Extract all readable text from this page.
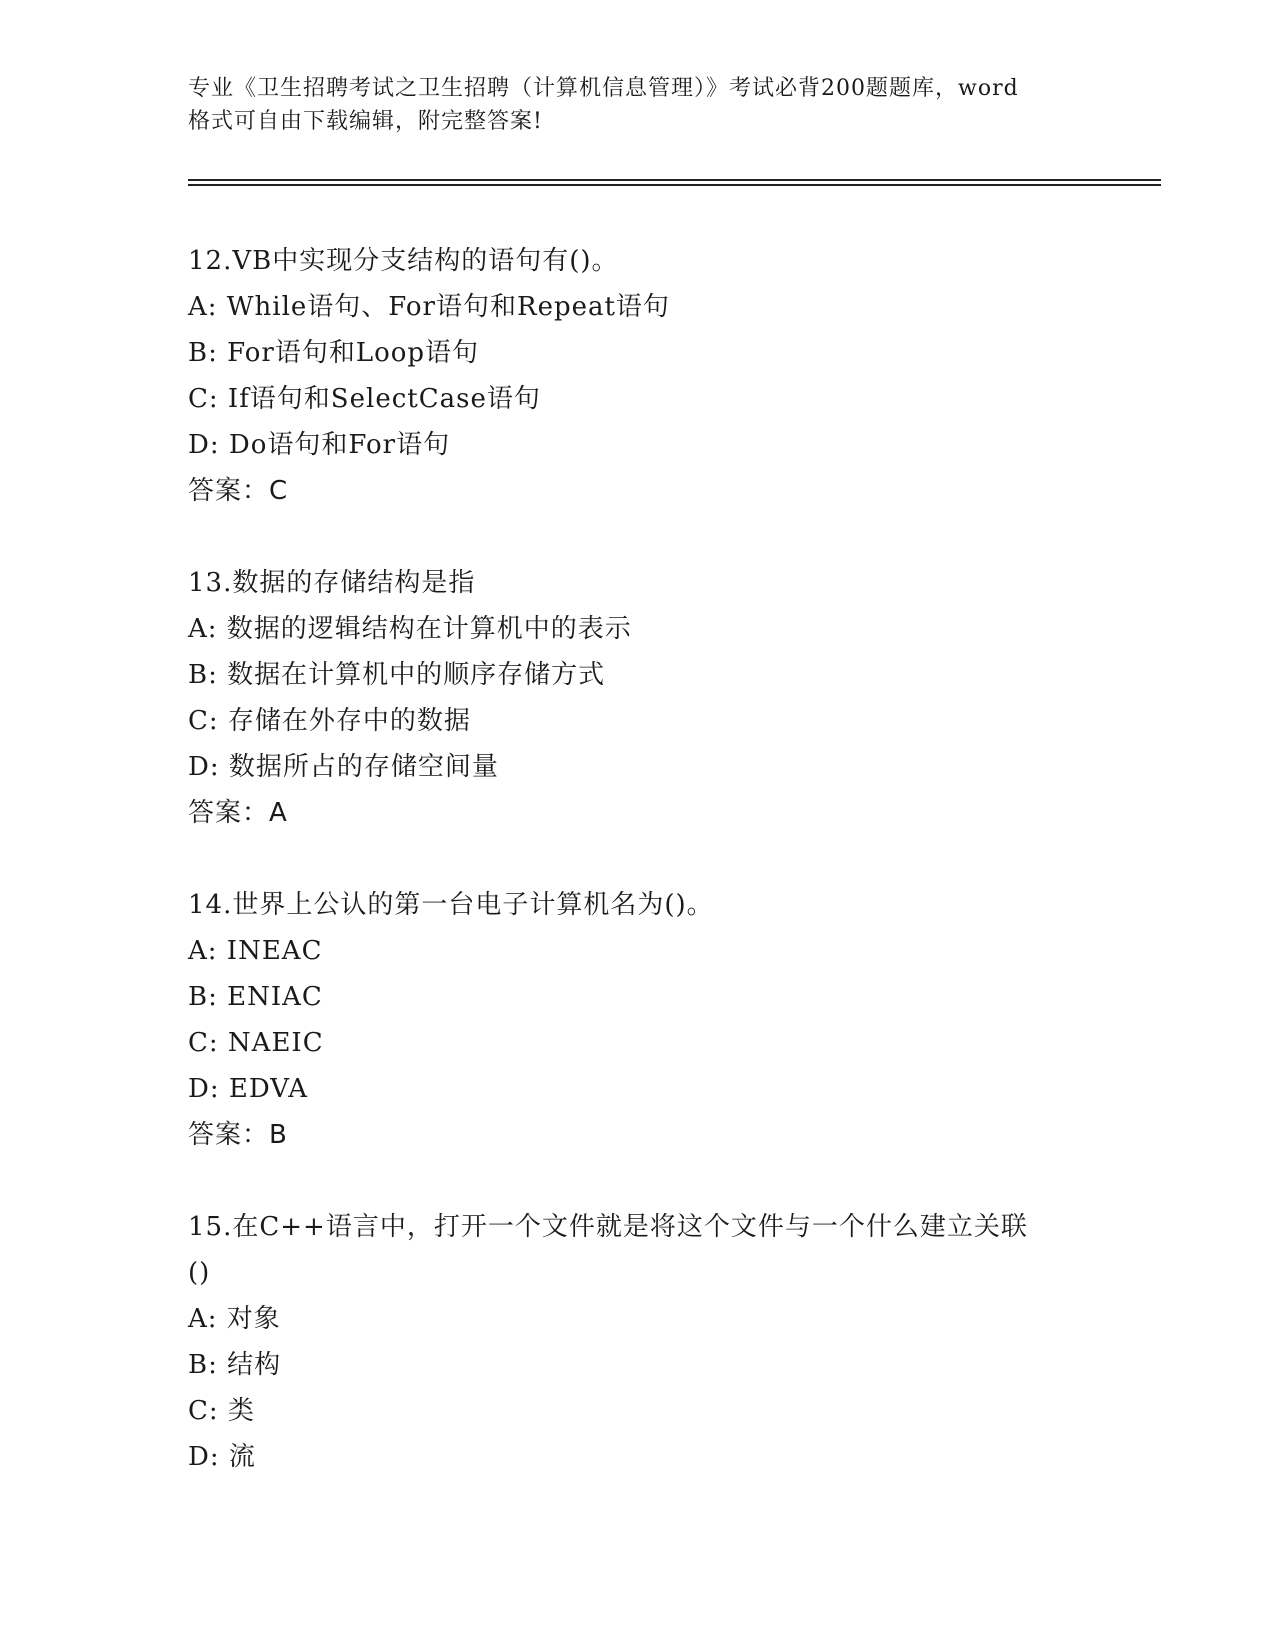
专业《卫生招聘考试之卫生招聘（计算机信息管理）》考试必背200题题库，word
格式可自由下载编辑，附完整答案!
12.VB中实现分支结构的语句有()。
A: While语句、For语句和Repeat语句
B: For语句和Loop语句
C: If语句和SelectCase语句
D: Do语句和For语句
答案：C
13.数据的存储结构是指
A: 数据的逻辑结构在计算机中的表示
B: 数据在计算机中的顺序存储方式
C: 存储在外存中的数据
D: 数据所占的存储空间量
答案：A
14.世界上公认的第一台电子计算机名为()。
A: INEAC
B: ENIAC
C: NAEIC
D: EDVA
答案：B
15.在C++语言中，打开一个文件就是将这个文件与一个什么建立关联
()
A: 对象
B: 结构
C: 类
D: 流
